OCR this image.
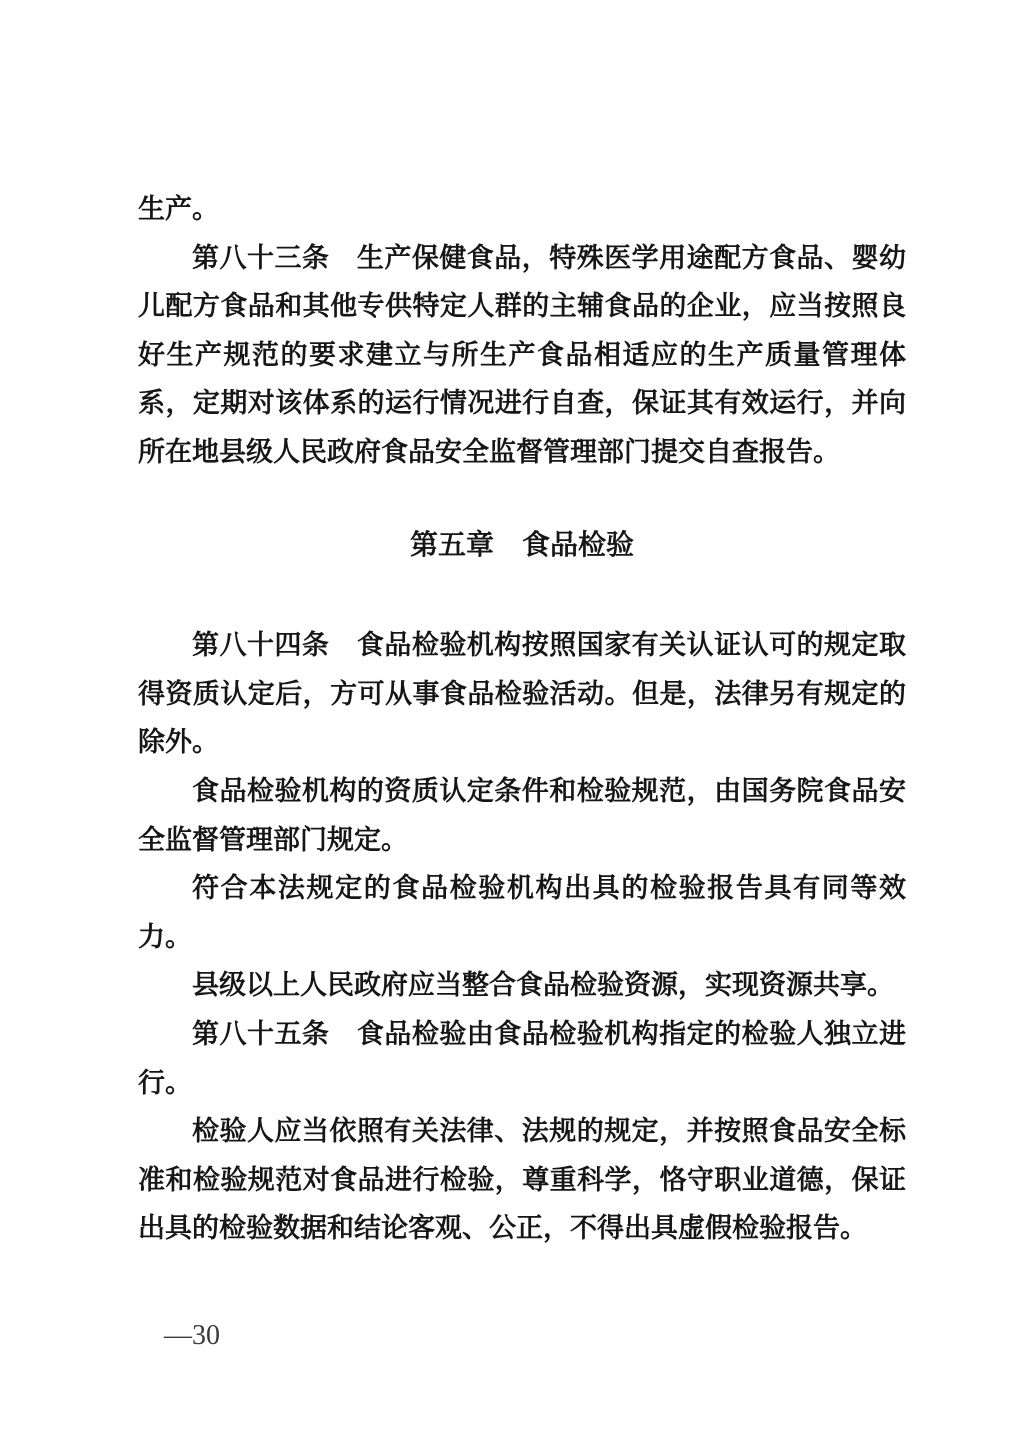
生产。

第八十三条　生产保健食品，特殊医学用途配方食品、婴幼儿配方食品和其他专供特定人群的主辅食品的企业，应当按照良好生产规范的要求建立与所生产食品相适应的生产质量管理体系，定期对该体系的运行情况进行自查，保证其有效运行，并向所在地县级人民政府食品安全监督管理部门提交自查报告。

第五章　食品检验

第八十四条　食品检验机构按照国家有关认证认可的规定取得资质认定后，方可从事食品检验活动。但是，法律另有规定的除外。

食品检验机构的资质认定条件和检验规范，由国务院食品安全监督管理部门规定。

符合本法规定的食品检验机构出具的检验报告具有同等效力。

县级以上人民政府应当整合食品检验资源，实现资源共享。

第八十五条　食品检验由食品检验机构指定的检验人独立进行。

检验人应当依照有关法律、法规的规定，并按照食品安全标准和检验规范对食品进行检验，尊重科学，恪守职业道德，保证出具的检验数据和结论客观、公正，不得出具虚假检验报告。

—30
